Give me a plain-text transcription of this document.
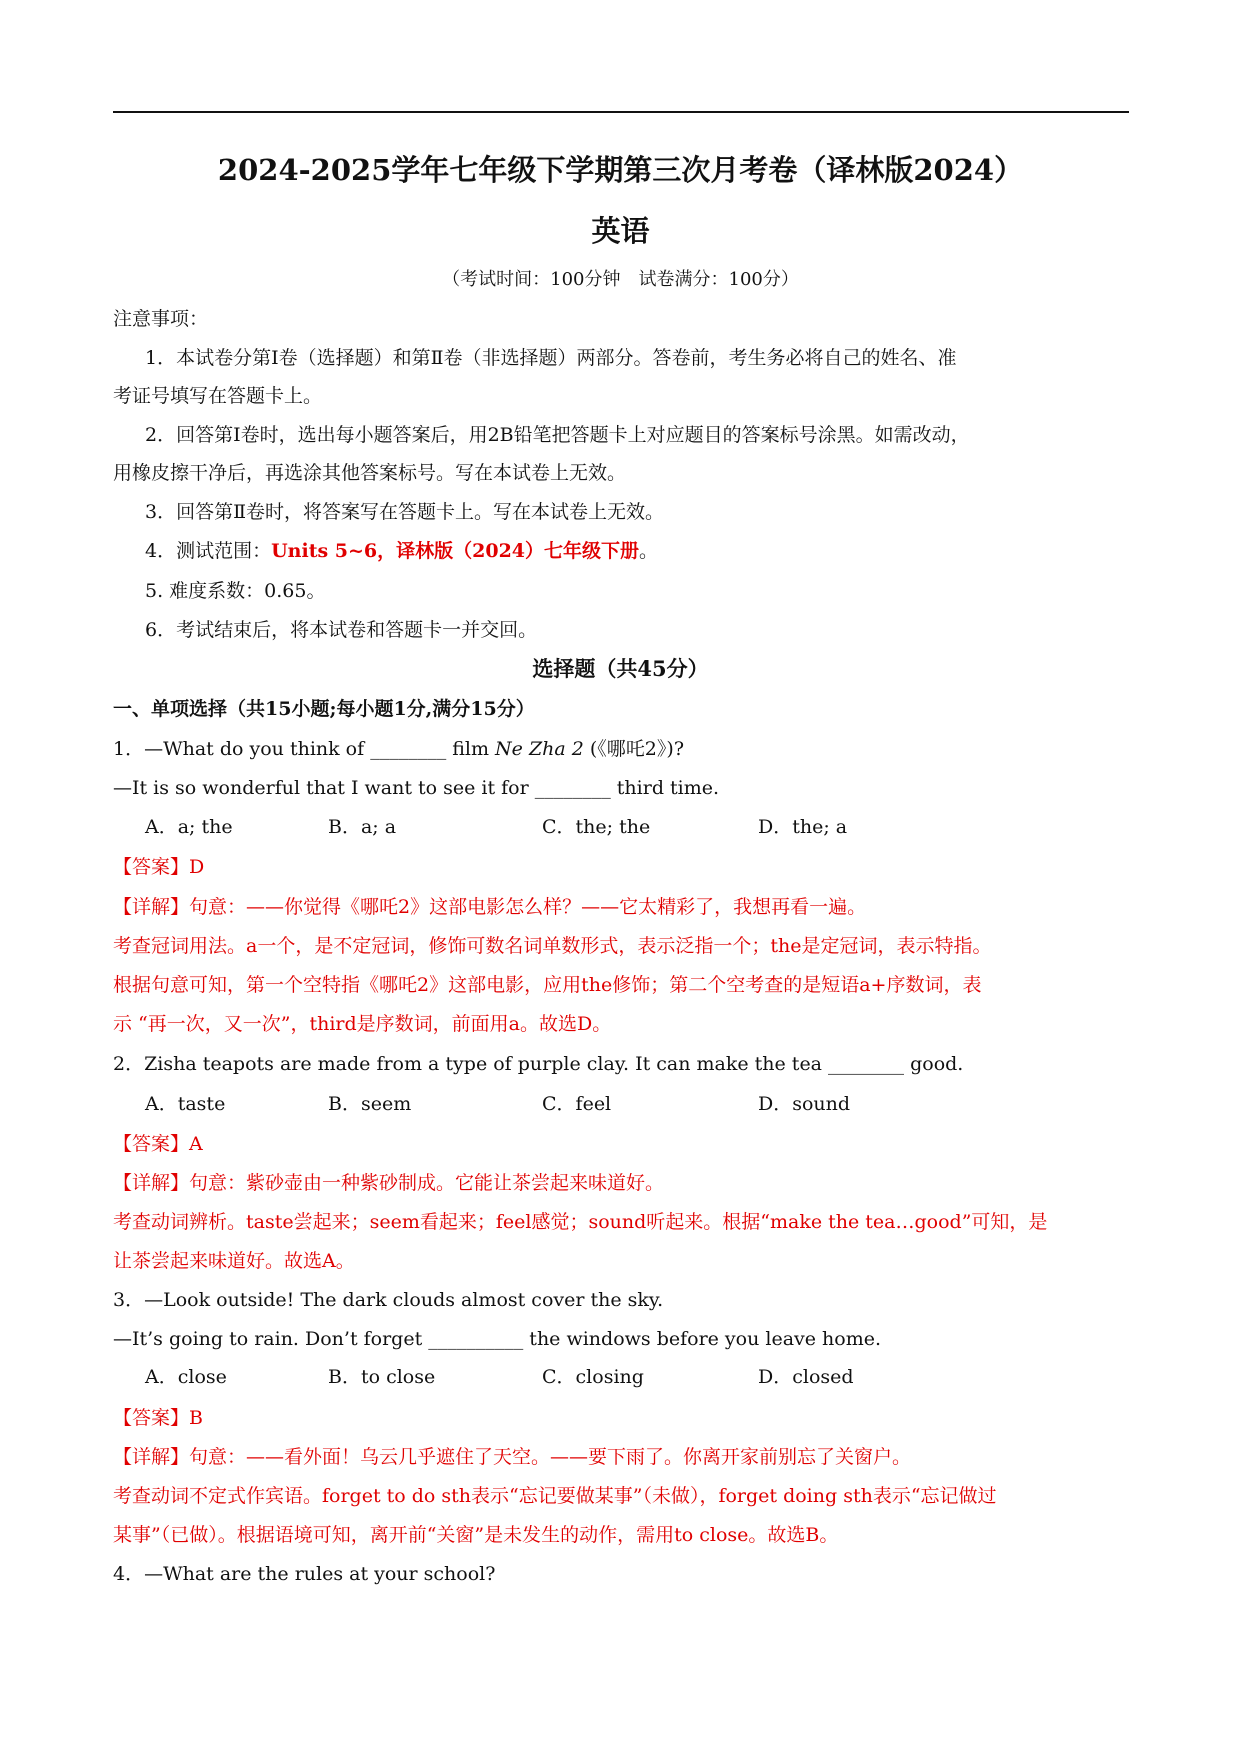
2024-2025学年七年级下学期第三次月考卷（译林版2024）
英语
（考试时间：100分钟　试卷满分：100分）
注意事项：
1．本试卷分第Ⅰ卷（选择题）和第Ⅱ卷（非选择题）两部分。答卷前，考生务必将自己的姓名、准
考证号填写在答题卡上。
2．回答第Ⅰ卷时，选出每小题答案后，用2B铅笔把答题卡上对应题目的答案标号涂黑。如需改动，
用橡皮擦干净后，再选涂其他答案标号。写在本试卷上无效。
3．回答第Ⅱ卷时，将答案写在答题卡上。写在本试卷上无效。
4．测试范围：Units 5~6，译林版（2024）七年级下册。
5. 难度系数：0.65。
6．考试结束后，将本试卷和答题卡一并交回。
选择题（共45分）
一、单项选择（共15小题;每小题1分,满分15分）
1．—What do you think of ________ film Ne Zha 2 (《哪吒2》)?
—It is so wonderful that I want to see it for ________ third time.
A．a; the	B．a; a	C．the; the	D．the; a
【答案】D
【详解】句意：——你觉得《哪吒2》这部电影怎么样？——它太精彩了，我想再看一遍。
考查冠词用法。a一个，是不定冠词，修饰可数名词单数形式，表示泛指一个；the是定冠词，表示特指。
根据句意可知，第一个空特指《哪吒2》这部电影，应用the修饰；第二个空考查的是短语a+序数词，表
示 “再一次，又一次”，third是序数词，前面用a。故选D。
2．Zisha teapots are made from a type of purple clay. It can make the tea ________ good.
A．taste	B．seem	C．feel	D．sound
【答案】A
【详解】句意：紫砂壶由一种紫砂制成。它能让茶尝起来味道好。
考查动词辨析。taste尝起来；seem看起来；feel感觉；sound听起来。根据“make the tea…good”可知，是
让茶尝起来味道好。故选A。
3．—Look outside! The dark clouds almost cover the sky.
—It’s going to rain. Don’t forget __________ the windows before you leave home.
A．close	B．to close	C．closing	D．closed
【答案】B
【详解】句意：——看外面！乌云几乎遮住了天空。——要下雨了。你离开家前别忘了关窗户。
考查动词不定式作宾语。forget to do sth表示“忘记要做某事”（未做），forget doing sth表示“忘记做过
某事”（已做）。根据语境可知，离开前“关窗”是未发生的动作，需用to close。故选B。
4．—What are the rules at your school?
